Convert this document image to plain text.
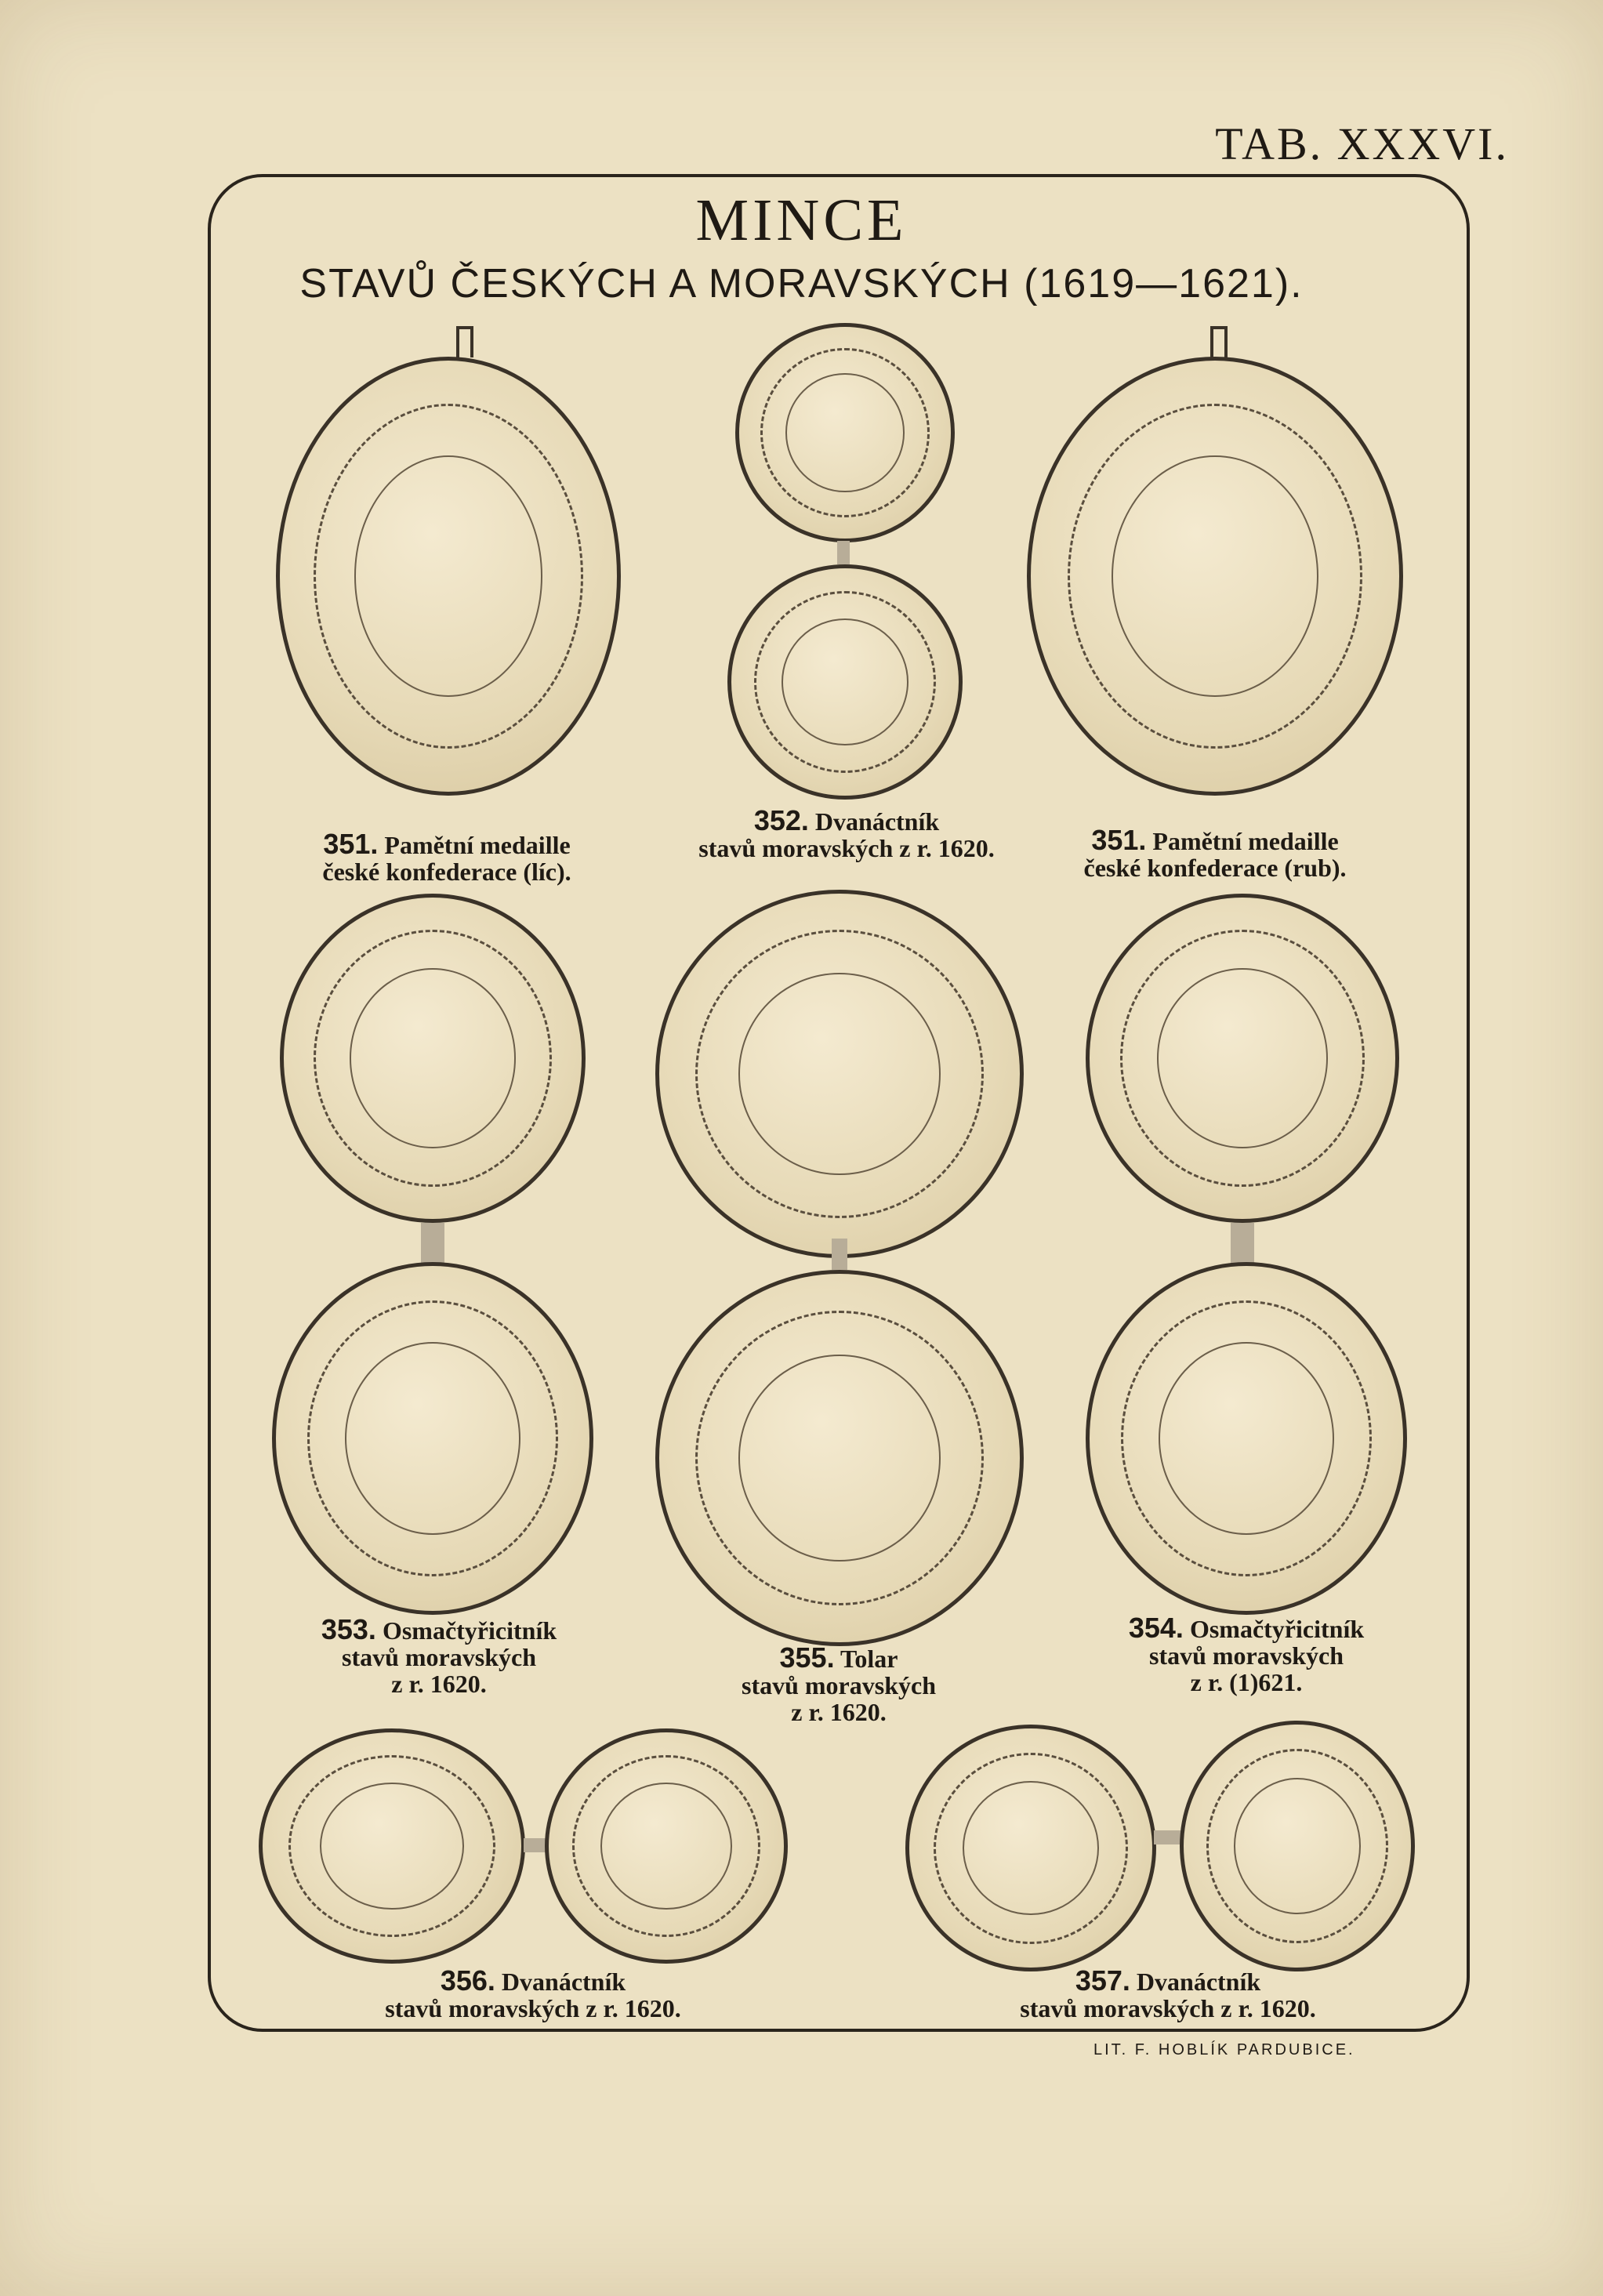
TAB. XXXVI.
MINCE
STAVŮ ČESKÝCH A MORAVSKÝCH (1619—1621).
351. Pamětní medaille
české konfederace (líc).
352. Dvanáctník
stavů moravských z r. 1620.	351. Pamětní medaille
české konfederace (rub).
353. Osmačtyřicitník
stavů moravských
z r. 1620.
355. Tolar
stavů moravských
z r. 1620.
354. Osmačtyřicitník
stavů moravských
z r. (1)621.
356. Dvanáctník
stavů moravských z r. 1620.
357. Dvanáctník
stavů moravských z r. 1620.
LIT. F. HOBLÍK PARDUBICE.
